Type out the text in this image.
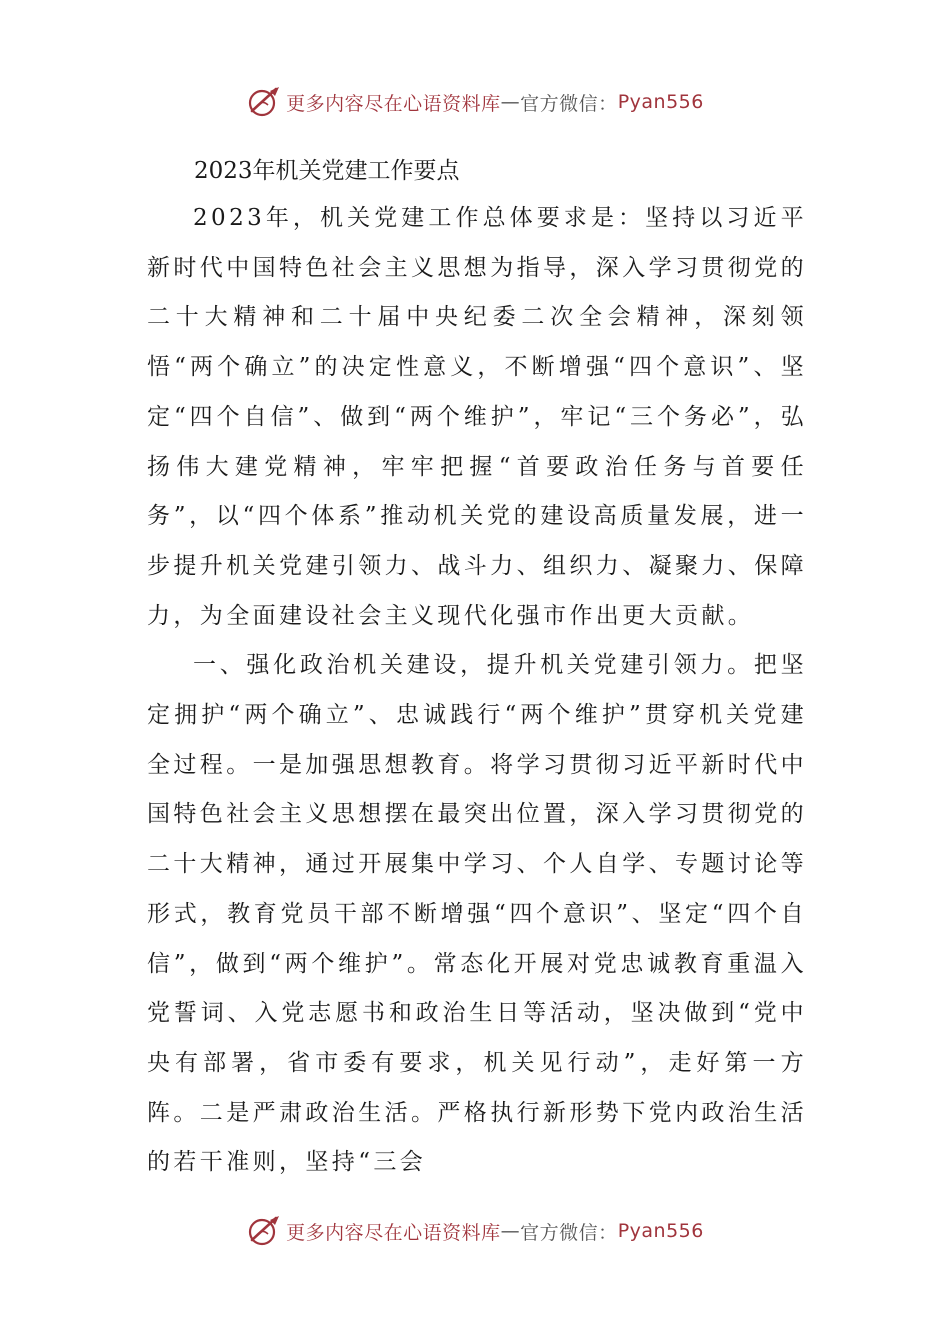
更多内容尽在心语资料库 — 官方微信： Pyan556
2023年机关党建工作要点

2023年，机关党建工作总体要求是：坚持以习近平新时代中国特色社会主义思想为指导，深入学习贯彻党的二十大精神和二十届中央纪委二次全会精神，深刻领悟“两个确立”的决定性意义，不断增强“四个意识”、坚定“四个自信”、做到“两个维护”，牢记“三个务必”，弘扬伟大建党精神，牢牢把握“首要政治任务与首要任务”，以“四个体系”推动机关党的建设高质量发展，进一步提升机关党建引领力、战斗力、组织力、凝聚力、保障力，为全面建设社会主义现代化强市作出更大贡献。

一、强化政治机关建设，提升机关党建引领力。把坚定拥护“两个确立”、忠诚践行“两个维护”贯穿机关党建全过程。一是加强思想教育。将学习贯彻习近平新时代中国特色社会主义思想摆在最突出位置，深入学习贯彻党的二十大精神，通过开展集中学习、个人自学、专题讨论等形式，教育党员干部不断增强“四个意识”、坚定“四个自信”，做到“两个维护”。常态化开展对党忠诚教育重温入党誓词、入党志愿书和政治生日等活动，坚决做到“党中央有部署，省市委有要求，机关见行动”，走好第一方阵。二是严肃政治生活。严格执行新形势下党内政治生活的若干准则，坚持“三会

更多内容尽在心语资料库 — 官方微信： Pyan556
